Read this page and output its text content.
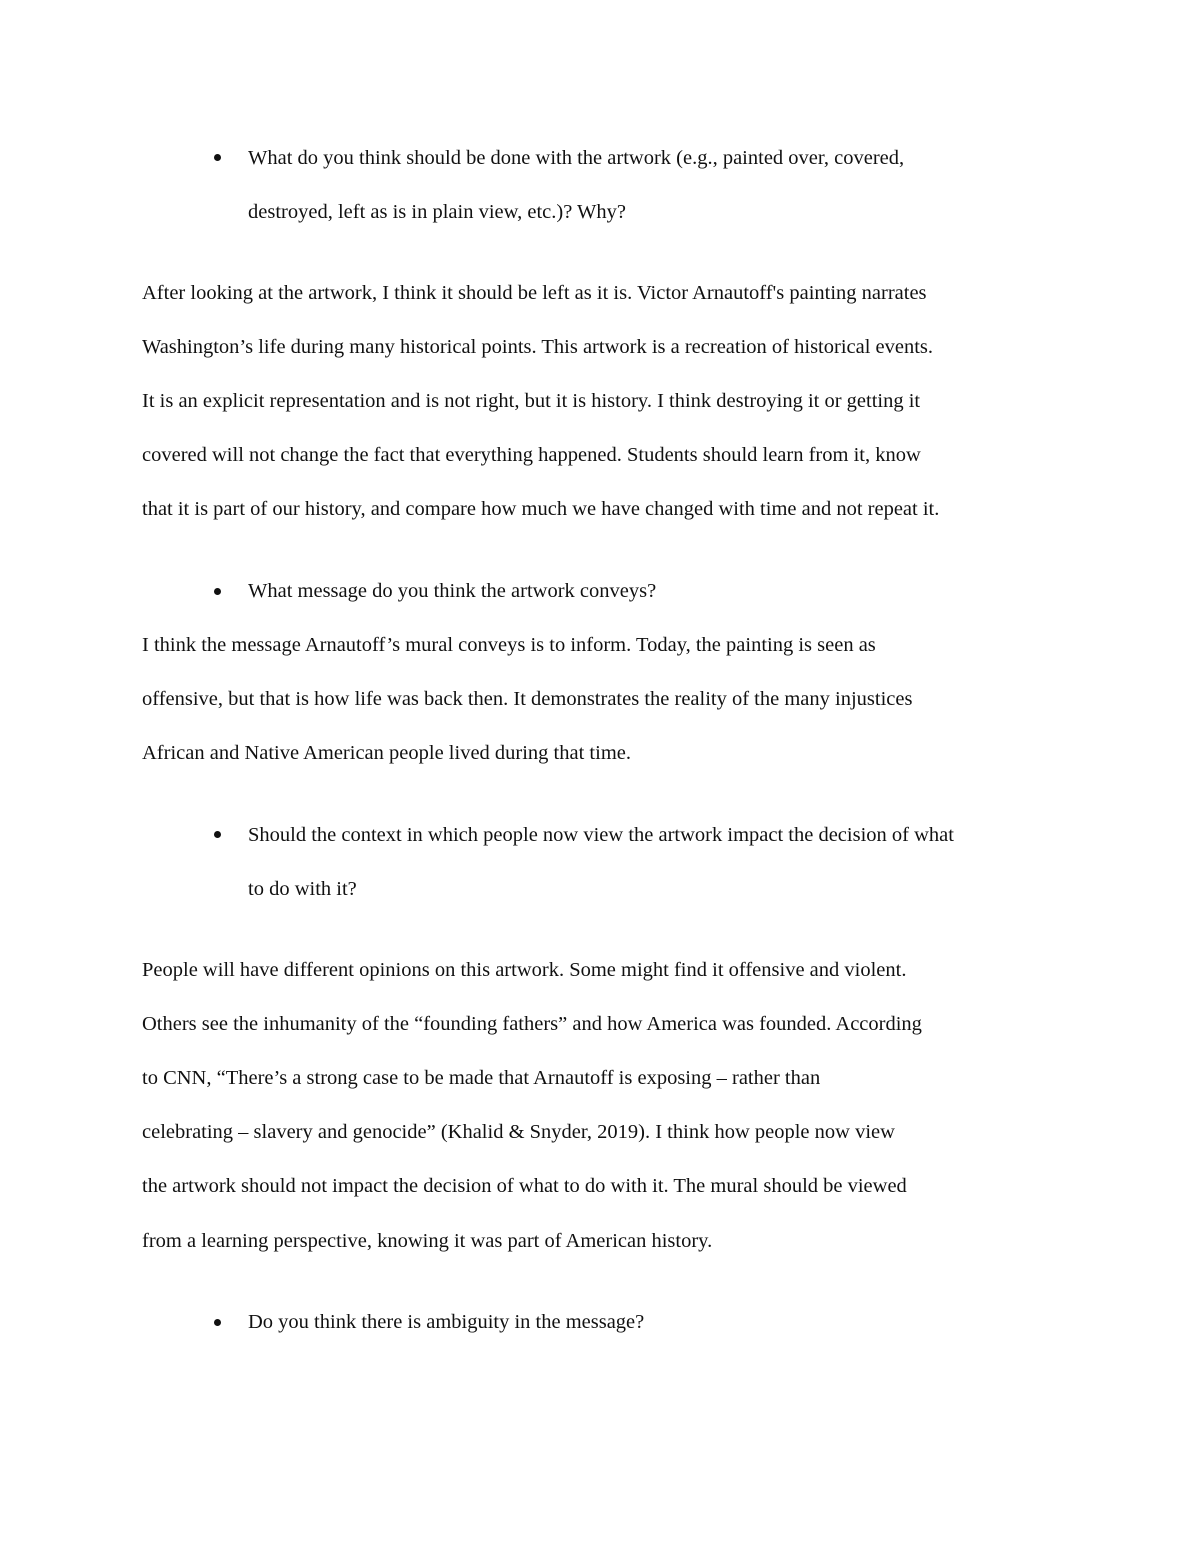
What do you think should be done with the artwork (e.g., painted over, covered,
destroyed, left as is in plain view, etc.)? Why?
After looking at the artwork, I think it should be left as it is. Victor Arnautoff's painting narrates
Washington’s life during many historical points. This artwork is a recreation of historical events.
It is an explicit representation and is not right, but it is history. I think destroying it or getting it
covered will not change the fact that everything happened. Students should learn from it, know
that it is part of our history, and compare how much we have changed with time and not repeat it.
What message do you think the artwork conveys?
I think the message Arnautoff’s mural conveys is to inform. Today, the painting is seen as
offensive, but that is how life was back then. It demonstrates the reality of the many injustices
African and Native American people lived during that time.
Should the context in which people now view the artwork impact the decision of what
to do with it?
People will have different opinions on this artwork. Some might find it offensive and violent.
Others see the inhumanity of the “founding fathers” and how America was founded. According
to CNN, “There’s a strong case to be made that Arnautoff is exposing – rather than
celebrating – slavery and genocide” (Khalid & Snyder, 2019). I think how people now view
the artwork should not impact the decision of what to do with it. The mural should be viewed
from a learning perspective, knowing it was part of American history.
Do you think there is ambiguity in the message?
